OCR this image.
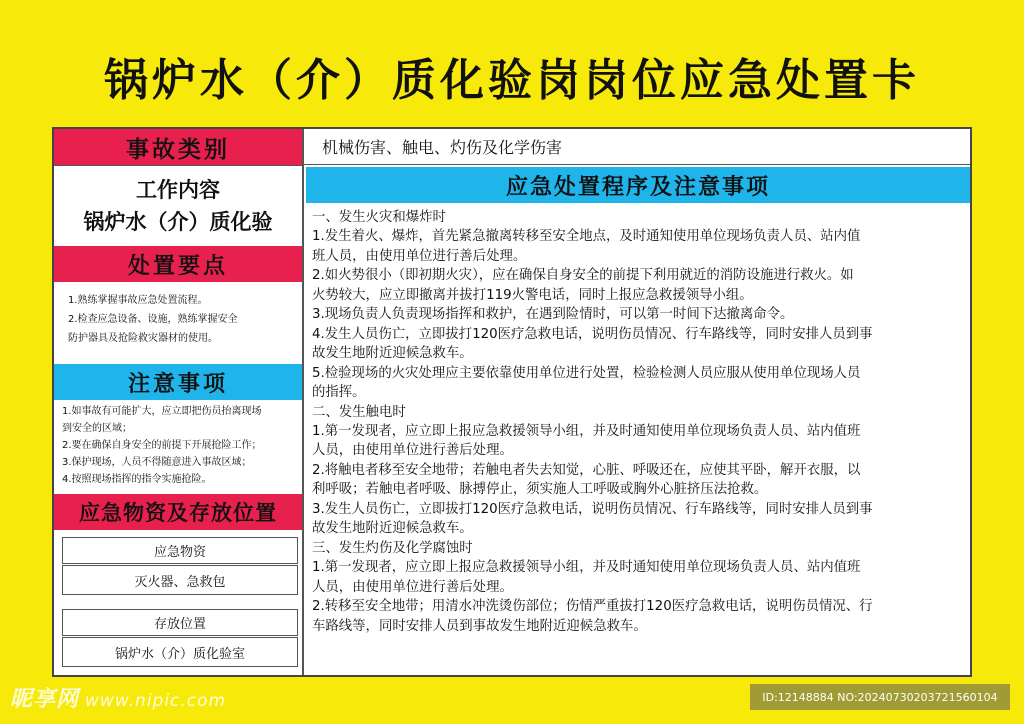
锅炉水（介）质化验岗岗位应急处置卡
事故类别	机械伤害、触电、灼伤及化学伤害
工作内容
锅炉水（介）质化验
处置要点

1.熟练掌握事故应急处置流程。

2.检查应急设备、设施，熟练掌握安全

防护器具及抢险救灾器材的使用。

注意事项

1.如事故有可能扩大，应立即把伤员抬离现场

到安全的区域；

2.要在确保自身安全的前提下开展抢险工作；

3.保护现场，人员不得随意进入事故区域；

4.按照现场指挥的指令实施抢险。

应急物资及存放位置
应急物资
灭火器、急救包
存放位置
锅炉水（介）质化验室
应急处置程序及注意事项

一、发生火灾和爆炸时

1.发生着火、爆炸，首先紧急撤离转移至安全地点，及时通知使用单位现场负责人员、站内值

班人员，由使用单位进行善后处理。

2.如火势很小（即初期火灾），应在确保自身安全的前提下利用就近的消防设施进行救火。如

火势较大，应立即撤离并拔打119火警电话，同时上报应急救援领导小组。

3.现场负责人负责现场指挥和救护，在遇到险情时，可以第一时间下达撤离命令。

4.发生人员伤亡，立即拔打120医疗急救电话，说明伤员情况、行车路线等，同时安排人员到事

故发生地附近迎候急救车。

5.检验现场的火灾处理应主要依靠使用单位进行处置，检验检测人员应服从使用单位现场人员

的指挥。

二、发生触电时

1.第一发现者，应立即上报应急救援领导小组，并及时通知使用单位现场负责人员、站内值班

人员，由使用单位进行善后处理。

2.将触电者移至安全地带；若触电者失去知觉，心脏、呼吸还在，应使其平卧，解开衣服，以

利呼吸；若触电者呼吸、脉搏停止，须实施人工呼吸或胸外心脏挤压法抢救。

3.发生人员伤亡，立即拔打120医疗急救电话，说明伤员情况、行车路线等，同时安排人员到事

故发生地附近迎候急救车。

三、发生灼伤及化学腐蚀时

1.第一发现者，应立即上报应急救援领导小组，并及时通知使用单位现场负责人员、站内值班

人员，由使用单位进行善后处理。

2.转移至安全地带；用清水冲洗烫伤部位；伤情严重拔打120医疗急救电话，说明伤员情况、行

车路线等，同时安排人员到事故发生地附近迎候急救车。

昵享网 www.nipic.com	ID:12148884 NO:20240730203721560104
